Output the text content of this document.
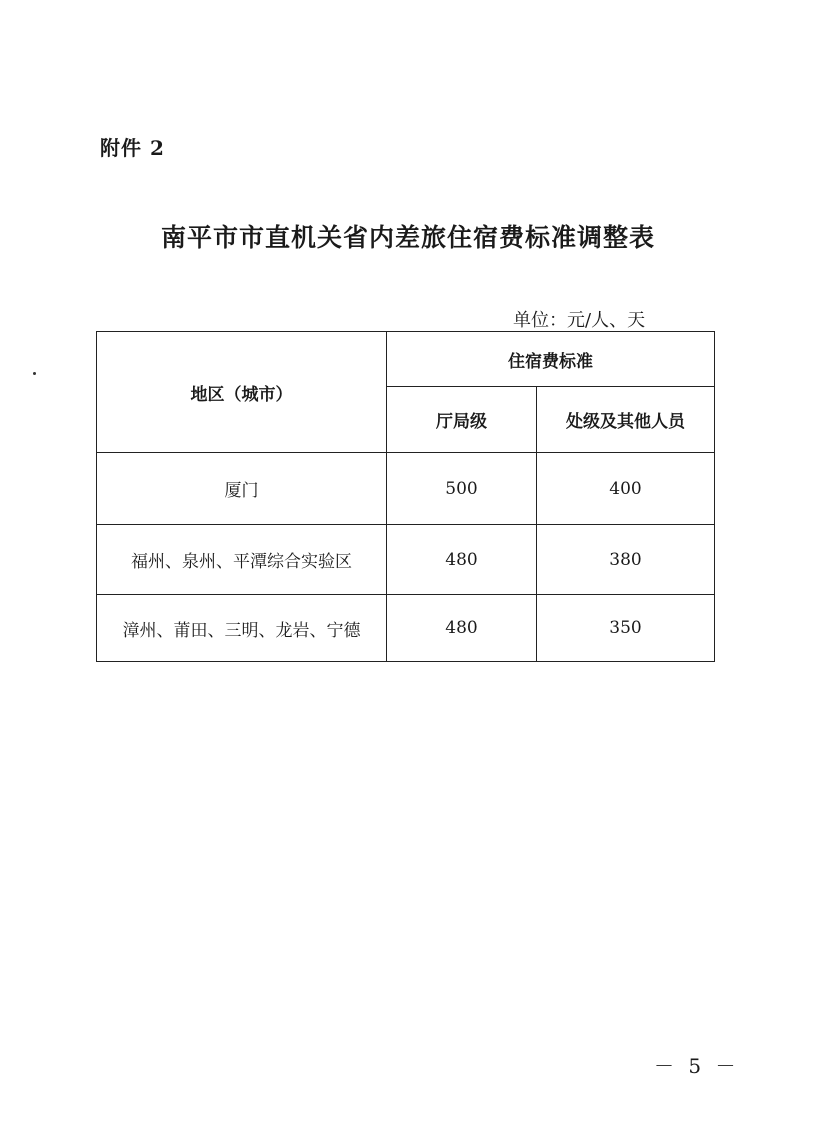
附件 2
南平市市直机关省内差旅住宿费标准调整表
单位：元/人、天
地区（城市）	住宿费标准	
	厅局级	处级及其他人员
厦门	500	400
福州、泉州、平潭综合实验区	480	380
漳州、莆田、三明、龙岩、宁德	480	350
－ 5 －
